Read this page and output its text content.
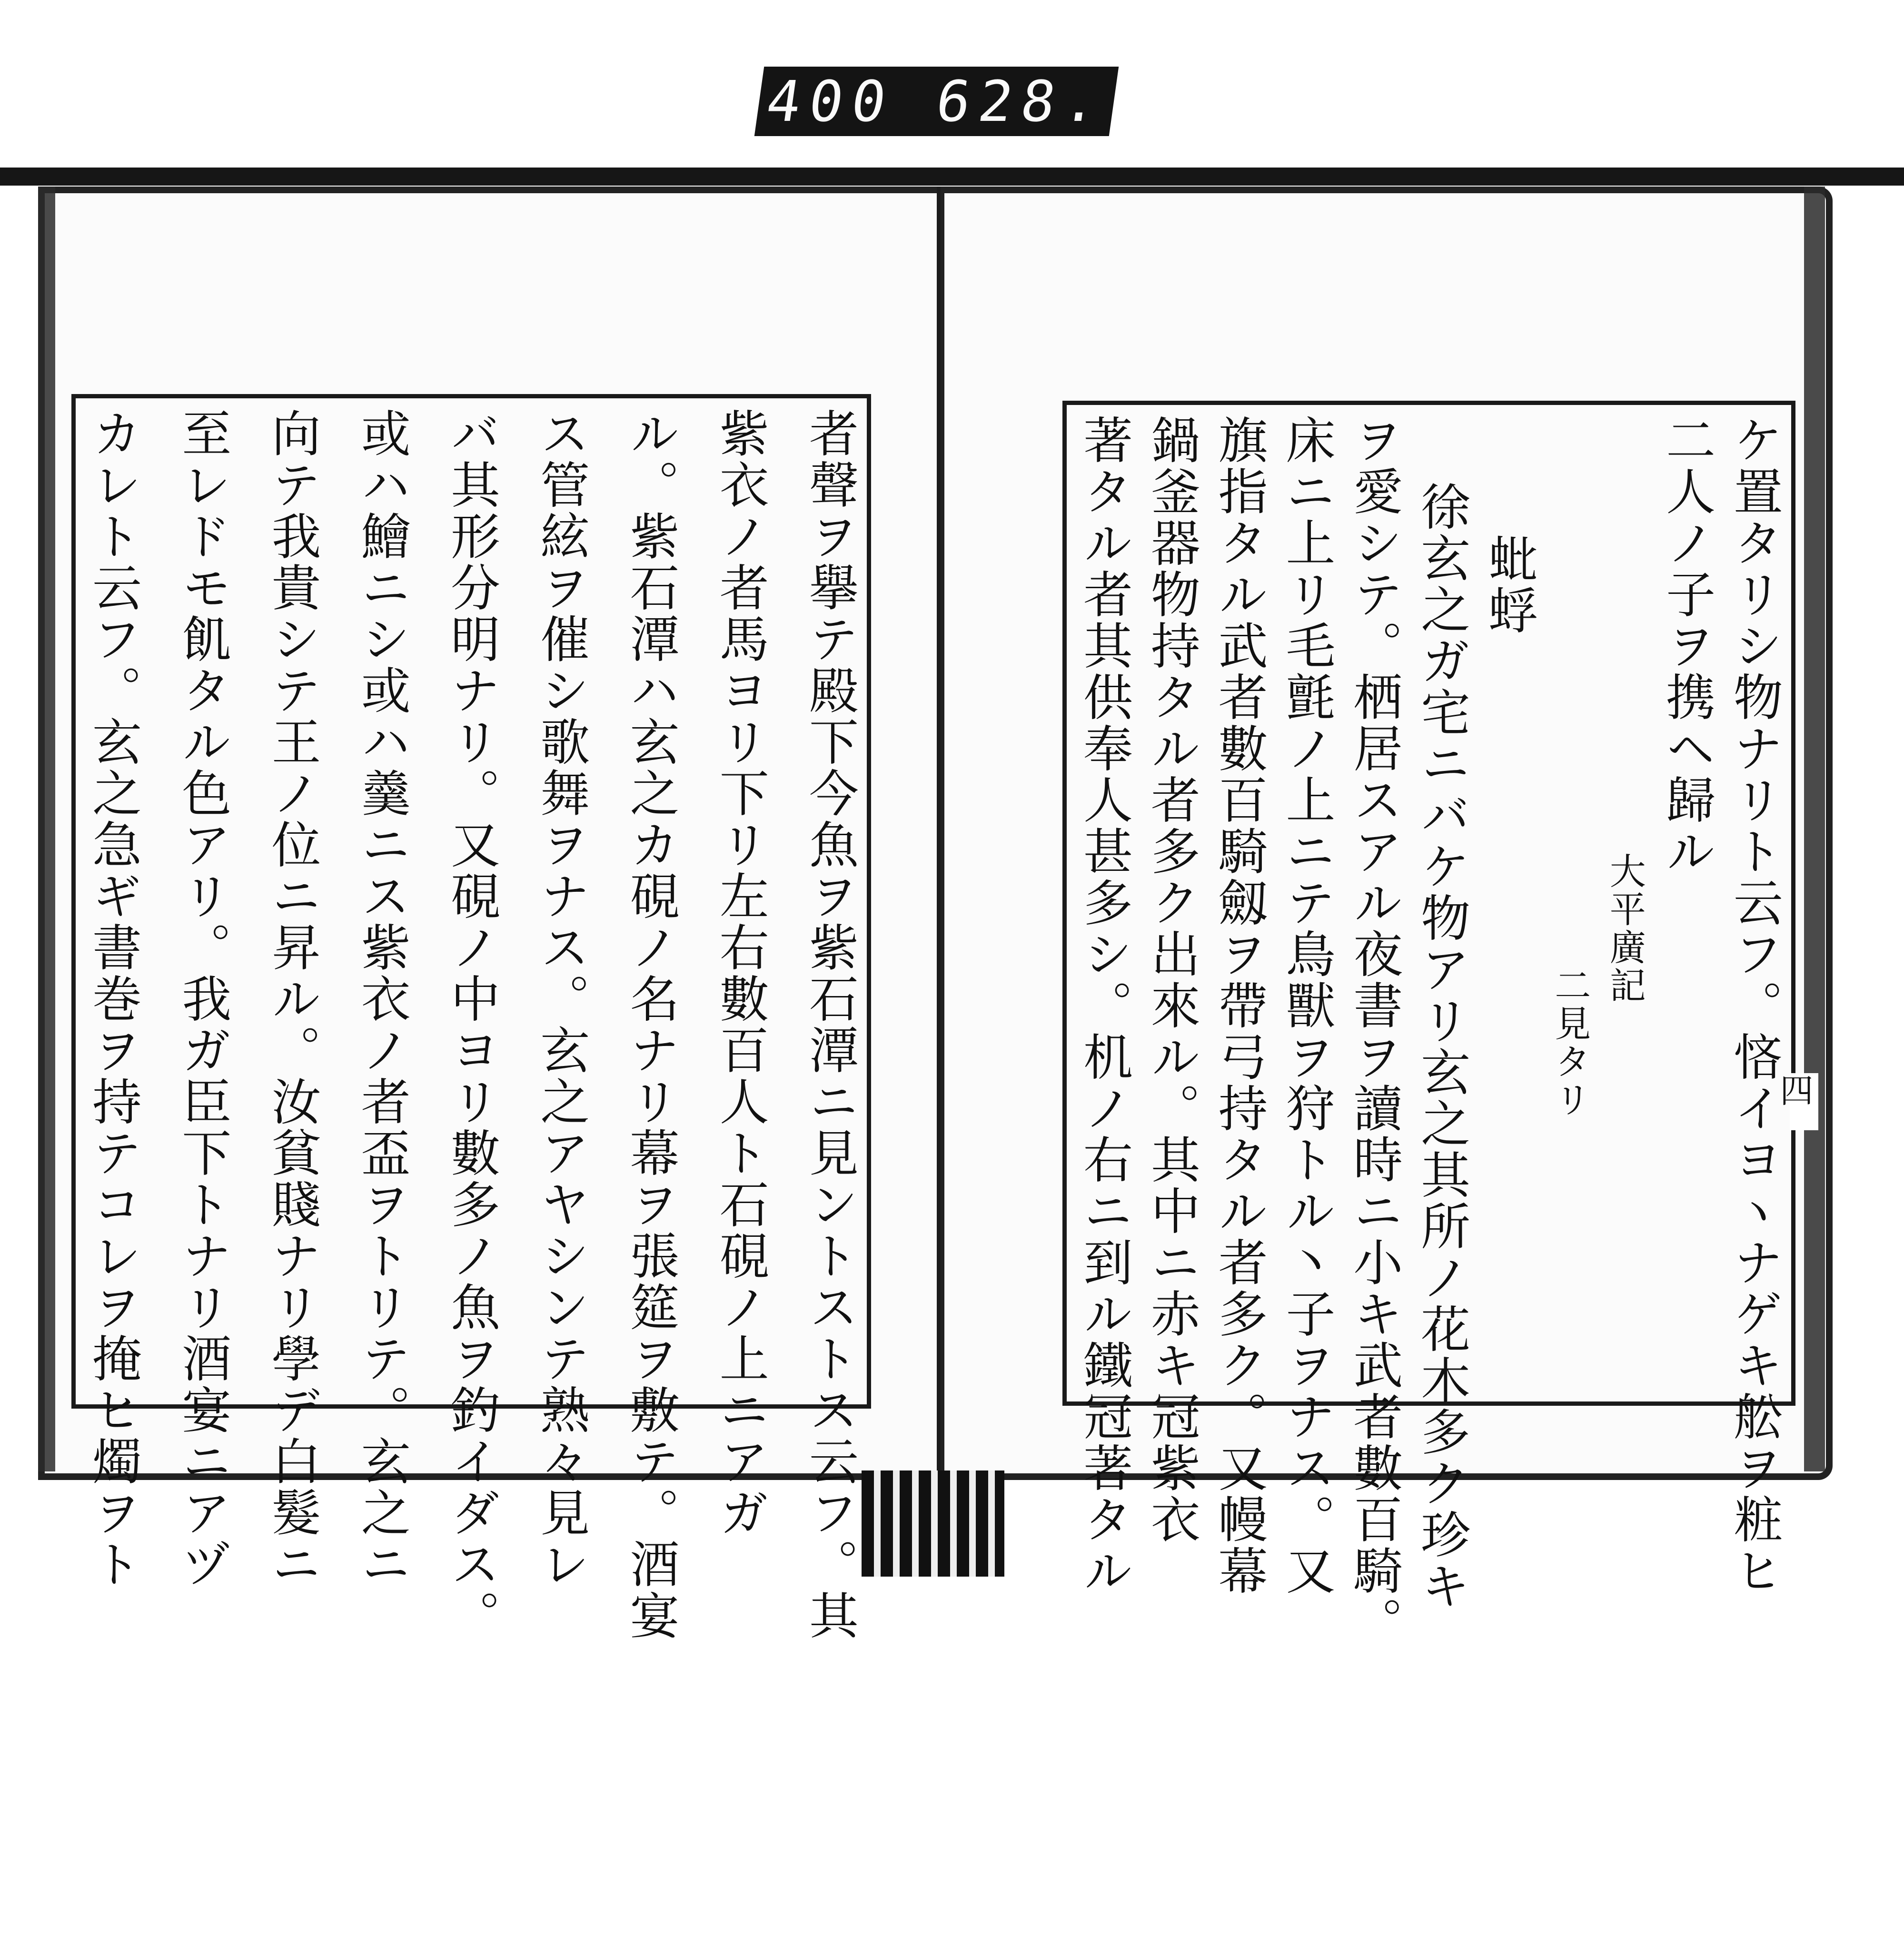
400 628.
ケ置タリシ物ナリト云フ。悋イヨヽナゲキ舩ヲ粧ヒ
二人ノ子ヲ携ヘ歸ル
大平廣記
二見タリ
蚍蜉
徐玄之ガ宅ニバケ物アリ玄之其所ノ花木多ク珍キ
ヲ愛シテ。栖居スアル夜書ヲ讀時ニ小キ武者數百騎。
床ニ上リ毛氈ノ上ニテ鳥獸ヲ狩トル丶子ヲナス。又
旗指タル武者數百騎劔ヲ帶弓持タル者多ク。又幔幕
鍋釜器物持タル者多ク出來ル。其中ニ赤キ冠紫衣
著タル者其供奉人甚多シ。机ノ右ニ到ル鐵冠著タル
者聲ヲ擧テ殿下今魚ヲ紫石潭ニ見ントストス云フ。其
紫衣ノ者馬ヨリ下リ左右數百人ト石硯ノ上ニアガ
ル。紫石潭ハ玄之カ硯ノ名ナリ幕ヲ張筵ヲ敷テ。酒宴
ス管絃ヲ催シ歌舞ヲナス。玄之アヤシンテ熟々見レ
バ其形分明ナリ。又硯ノ中ヨリ數多ノ魚ヲ釣イダス。
或ハ鱠ニシ或ハ羹ニス紫衣ノ者盃ヲトリテ。玄之ニ
向テ我貴シテ王ノ位ニ昇ル。汝貧賤ナリ學デ白髮ニ
至レドモ飢タル色アリ。我ガ臣下トナリ酒宴ニアヅ
カレト云フ。玄之急ギ書巻ヲ持テコレヲ掩ヒ燭ヲト	四
